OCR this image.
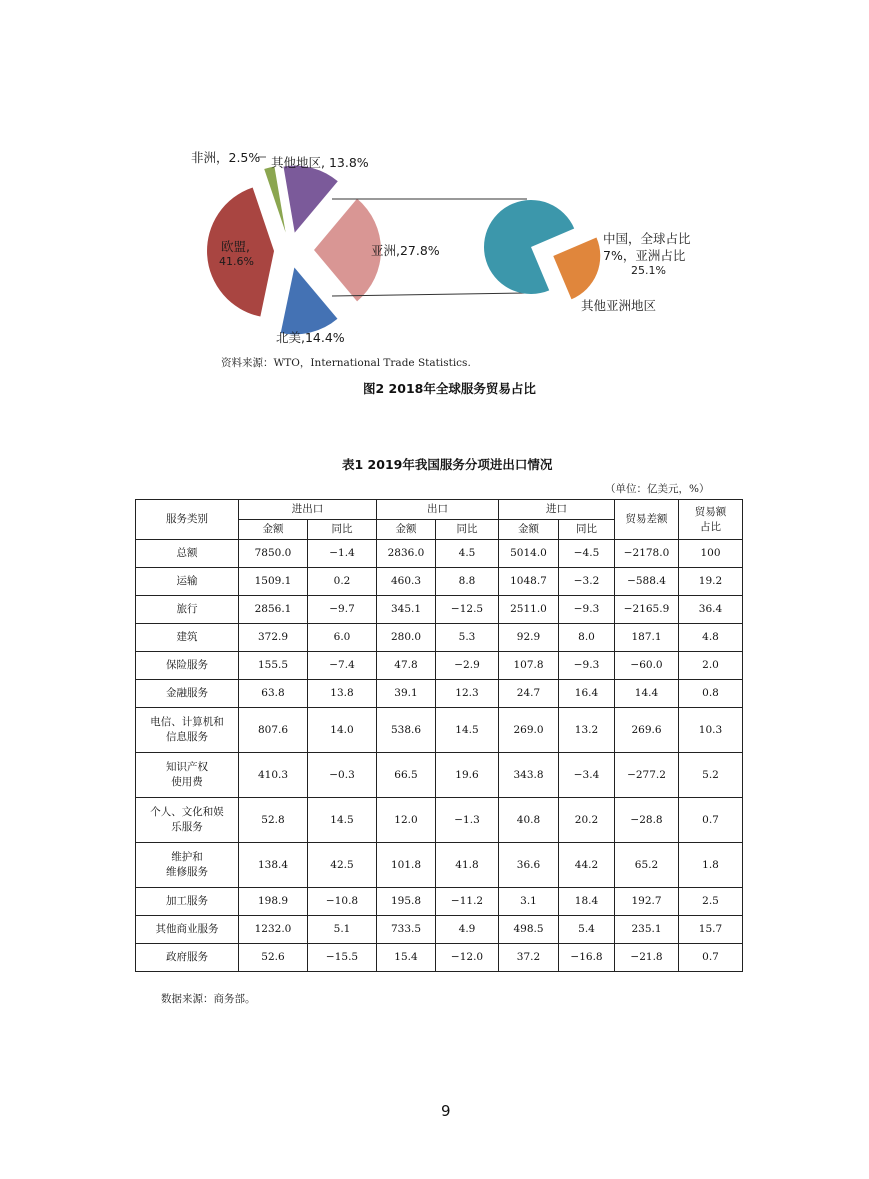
非洲，2.5% 其他地区, 13.8%
欧盟,
41.6%
亚洲,27.8%
北美,14.4%
中国，全球占比
7%，亚洲占比
25.1%
其他亚洲地区
资料来源：WTO，International Trade Statistics.
图2 2018年全球服务贸易占比
表1 2019年我国服务分项进出口情况
（单位：亿美元，%）
服务类别	进出口		出口		进口		贸易差额	贸易额
占比

	金额	同比	金额	同比	金额	同比		

总额	7850.0	−1.4	2836.0	4.5	5014.0	−4.5	−2178.0	100

运输	1509.1	0.2	460.3	8.8	1048.7	−3.2	−588.4	19.2

旅行	2856.1	−9.7	345.1	−12.5	2511.0	−9.3	−2165.9	36.4

建筑	372.9	6.0	280.0	5.3	92.9	8.0	187.1	4.8

保险服务	155.5	−7.4	47.8	−2.9	107.8	−9.3	−60.0	2.0

金融服务	63.8	13.8	39.1	12.3	24.7	16.4	14.4	0.8

电信、计算机和
信息服务	807.6	14.0	538.6	14.5	269.0	13.2	269.6	10.3

知识产权
使用费	410.3	−0.3	66.5	19.6	343.8	−3.4	−277.2	5.2

个人、文化和娱
乐服务	52.8	14.5	12.0	−1.3	40.8	20.2	−28.8	0.7

维护和
维修服务	138.4	42.5	101.8	41.8	36.6	44.2	65.2	1.8

加工服务	198.9	−10.8	195.8	−11.2	3.1	18.4	192.7	2.5

其他商业服务	1232.0	5.1	733.5	4.9	498.5	5.4	235.1	15.7

政府服务	52.6	−15.5	15.4	−12.0	37.2	−16.8	−21.8	0.7
数据来源：商务部。
9
